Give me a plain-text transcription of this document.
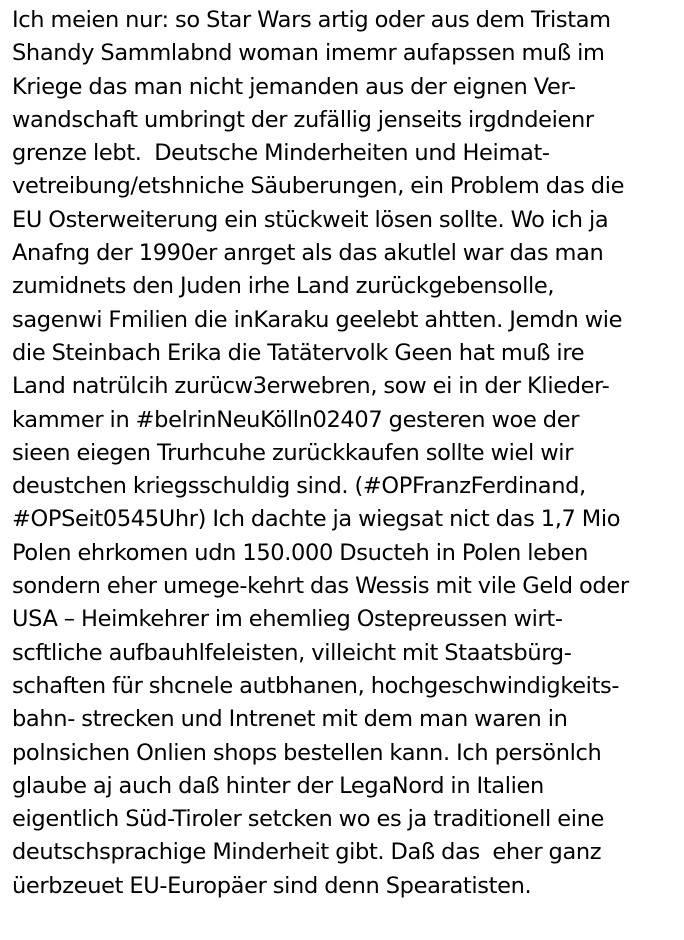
Ich meien nur: so Star Wars artig oder aus dem Tristam
Shandy Sammlabnd woman imemr aufapssen muß im
Kriege das man nicht jemanden aus der eignen Ver-
wandschaft umbringt der zufällig jenseits irgdndeienr
grenze lebt.  Deutsche Minderheiten und Heimat-
vetreibung/etshniche Säuberungen, ein Problem das die
EU Osterweiterung ein stückweit lösen sollte. Wo ich ja
Anafng der 1990er anrget als das akutlel war das man
zumidnets den Juden irhe Land zurückgebensolle,
sagenwi Fmilien die inKaraku geelebt ahtten. Jemdn wie
die Steinbach Erika die Tatätervolk Geen hat muß ire
Land natrülcih zurücw3erwebren, sow ei in der Klieder-
kammer in #belrinNeuKölln02407 gesteren woe der
sieen eiegen Trurhcuhe zurückkaufen sollte wiel wir
deustchen kriegsschuldig sind. (#OPFranzFerdinand,
#OPSeit0545Uhr) Ich dachte ja wiegsat nict das 1,7 Mio
Polen ehrkomen udn 150.000 Dsucteh in Polen leben
sondern eher umege-kehrt das Wessis mit vile Geld oder
USA – Heimkehrer im ehemlieg Ostepreussen wirt-
scftliche aufbauhlfeleisten, villeicht mit Staatsbürg-
schaften für shcnele autbhanen, hochgeschwindigkeits-
bahn- strecken und Intrenet mit dem man waren in
polnsichen Onlien shops bestellen kann. Ich persönlch
glaube aj auch daß hinter der LegaNord in Italien
eigentlich Süd-Tiroler setcken wo es ja traditionell eine
deutschsprachige Minderheit gibt. Daß das  eher ganz
üerbzeuet EU-Europäer sind denn Spearatisten.
